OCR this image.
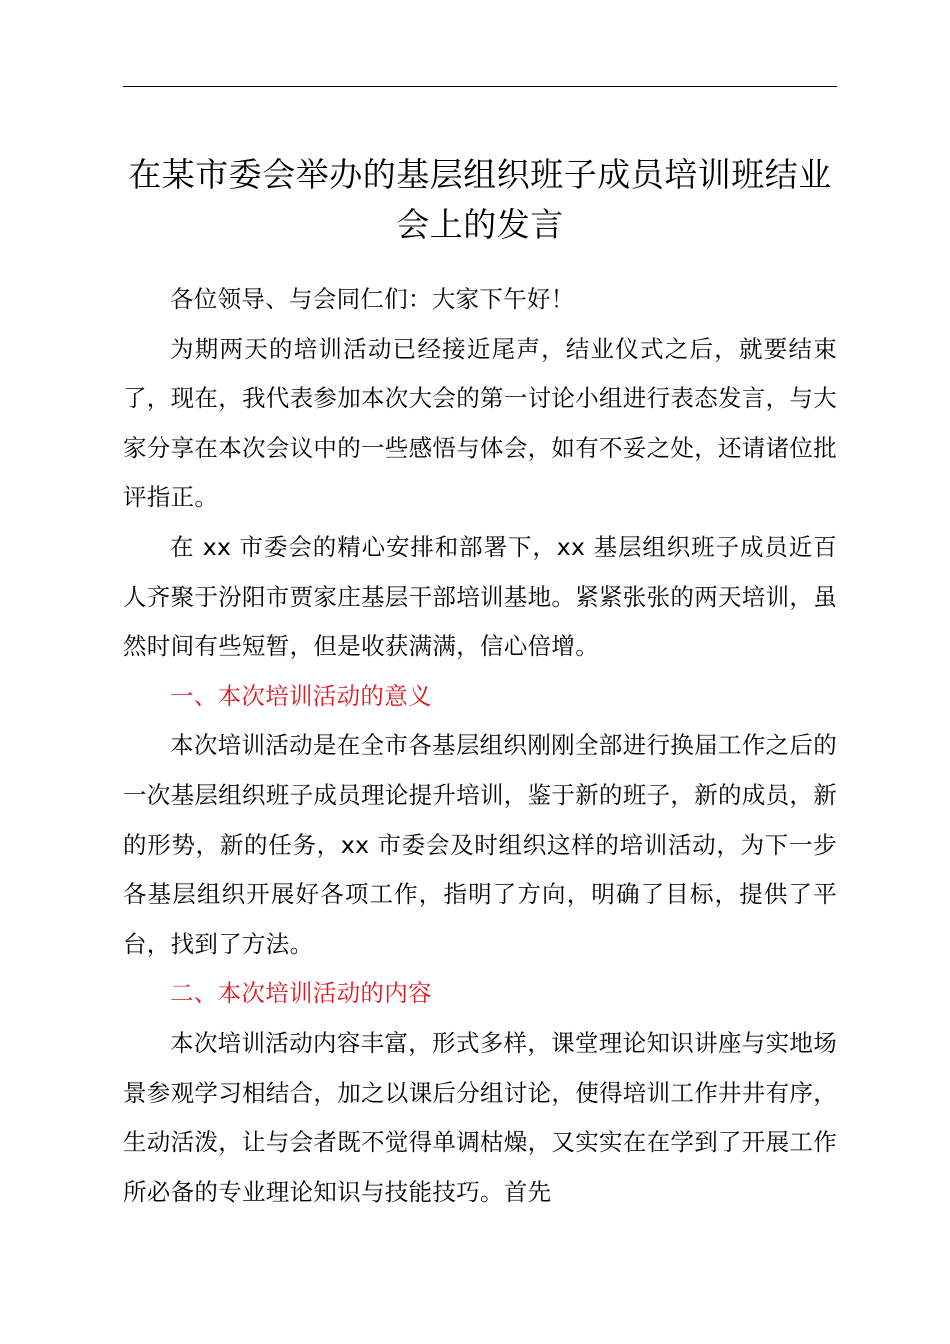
在某市委会举办的基层组织班子成员培训班结业会上的发言

各位领导、与会同仁们：大家下午好！

为期两天的培训活动已经接近尾声，结业仪式之后，就要结束了，现在，我代表参加本次大会的第一讨论小组进行表态发言，与大家分享在本次会议中的一些感悟与体会，如有不妥之处，还请诸位批评指正。

在 xx 市委会的精心安排和部署下，xx 基层组织班子成员近百人齐聚于汾阳市贾家庄基层干部培训基地。紧紧张张的两天培训，虽然时间有些短暂，但是收获满满，信心倍增。

一、本次培训活动的意义

本次培训活动是在全市各基层组织刚刚全部进行换届工作之后的一次基层组织班子成员理论提升培训，鉴于新的班子，新的成员，新的形势，新的任务，xx 市委会及时组织这样的培训活动，为下一步各基层组织开展好各项工作，指明了方向，明确了目标，提供了平台，找到了方法。

二、本次培训活动的内容

本次培训活动内容丰富，形式多样，课堂理论知识讲座与实地场景参观学习相结合，加之以课后分组讨论，使得培训工作井井有序，生动活泼，让与会者既不觉得单调枯燥，又实实在在学到了开展工作所必备的专业理论知识与技能技巧。首先
